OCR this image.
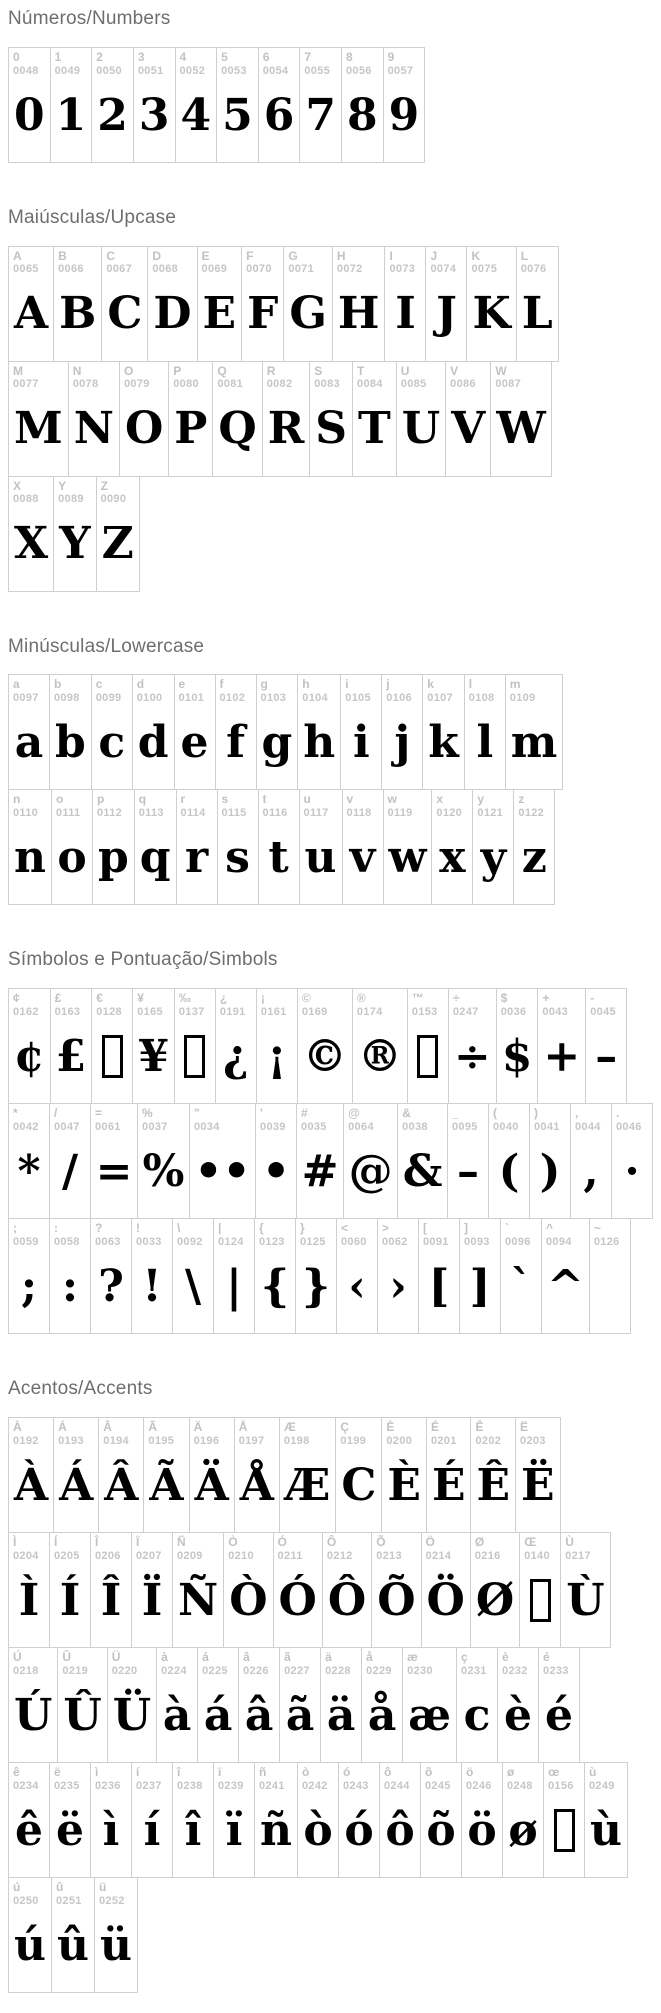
Números/Numbers
0
0048
0
1
0049
1
2
0050
2
3
0051
3
4
0052
4
5
0053
5
6
0054
6
7
0055
7
8
0056
8
9
0057
9
Maiúsculas/Upcase
A
0065
A
B
0066
B
C
0067
C
D
0068
D
E
0069
E
F
0070
F
G
0071
G
H
0072
H
I
0073
I
J
0074
J
K
0075
K
L
0076
L
M
0077
M
N
0078
N
O
0079
O
P
0080
P
Q
0081
Q
R
0082
R
S
0083
S
T
0084
T
U
0085
U
V
0086
V
W
0087
W
X
0088
X
Y
0089
Y
Z
0090
Z
Minúsculas/Lowercase
a
0097
a
b
0098
b
c
0099
c
d
0100
d
e
0101
e
f
0102
f
g
0103
g
h
0104
h
i
0105
i
j
0106
j
k
0107
k
l
0108
l
m
0109
m
n
0110
n
o
0111
o
p
0112
p
q
0113
q
r
0114
r
s
0115
s
t
0116
t
u
0117
u
v
0118
v
w
0119
w
x
0120
x
y
0121
y
z
0122
z
Símbolos e Pontuação/Simbols
¢
0162
¢
£
0163
£
€
0128
¥
0165
¥
‰
0137
¿
0191
¿
¡
0161
¡
©
0169
©
®
0174
®
™
0153
÷
0247
÷
$
0036
$
+
0043
+
-
0045
–
*
0042
*
/
0047
/
=
0061
=
%
0037
%
"
0034
••
'
0039
•
#
0035
#
@
0064
@
&
0038
&
_
0095
–
(
0040
(
)
0041
)
,
0044
,
.
0046
·
;
0059
;
:
0058
:
?
0063
?
!
0033
!
\
0092
\
|
0124
|
{
0123
{
}
0125
}
<
0060
‹
>
0062
›
[
0091
[
]
0093
]
`
0096
`
^
0094
^
~
0126
Acentos/Accents
À
0192
À
Á
0193
Á
Â
0194
Â
Ã
0195
Ã
Ä
0196
Ä
Å
0197
Å
Æ
0198
Æ
Ç
0199
C
È
0200
È
É
0201
É
Ê
0202
Ê
Ë
0203
Ë
Ì
0204
Ì
Í
0205
Í
Î
0206
Î
Ï
0207
Ï
Ñ
0209
Ñ
Ò
0210
Ò
Ó
0211
Ó
Ô
0212
Ô
Õ
0213
Õ
Ö
0214
Ö
Ø
0216
Ø
Œ
0140
Ù
0217
Ù
Ú
0218
Ú
Û
0219
Û
Ü
0220
Ü
à
0224
à
á
0225
á
â
0226
â
ã
0227
ã
ä
0228
ä
å
0229
å
æ
0230
æ
ç
0231
c
è
0232
è
é
0233
é
ê
0234
ê
ë
0235
ë
ì
0236
ì
í
0237
í
î
0238
î
ï
0239
ï
ñ
0241
ñ
ò
0242
ò
ó
0243
ó
ô
0244
ô
õ
0245
õ
ö
0246
ö
ø
0248
ø
œ
0156
ù
0249
ù
ú
0250
ú
û
0251
û
ü
0252
ü
